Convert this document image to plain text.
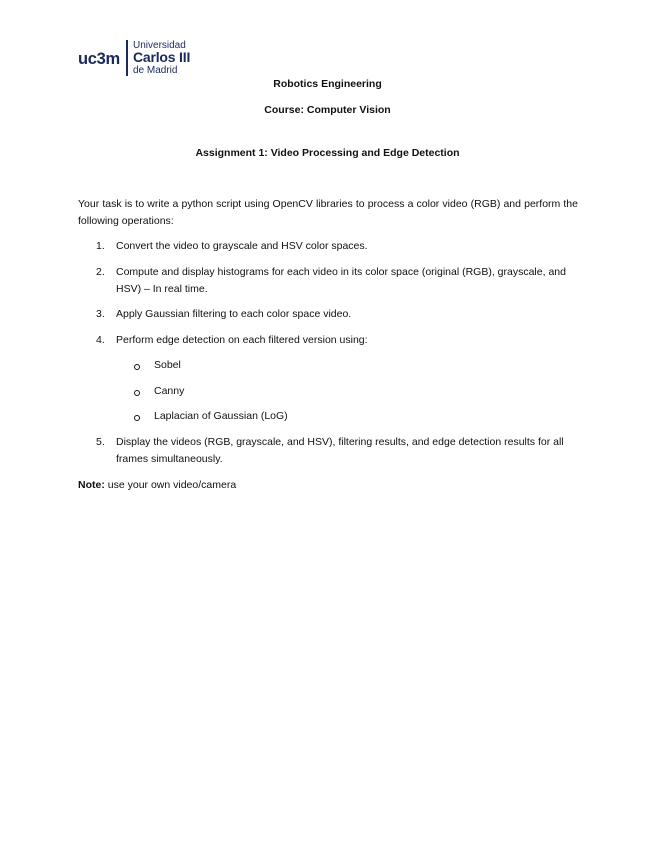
uc3m
Universidad
Carlos III
de Madrid
Robotics Engineering
Course: Computer Vision
Assignment 1: Video Processing and Edge Detection
Your task is to write a python script using OpenCV libraries to process a color video (RGB) and perform the following operations:
1. Convert the video to grayscale and HSV color spaces.
2. Compute and display histograms for each video in its color space (original (RGB), grayscale, and HSV) – In real time.
3. Apply Gaussian filtering to each color space video.
4. Perform edge detection on each filtered version using:
Sobel
Canny
Laplacian of Gaussian (LoG)
5. Display the videos (RGB, grayscale, and HSV), filtering results, and edge detection results for all frames simultaneously.
Note: use your own video/camera
